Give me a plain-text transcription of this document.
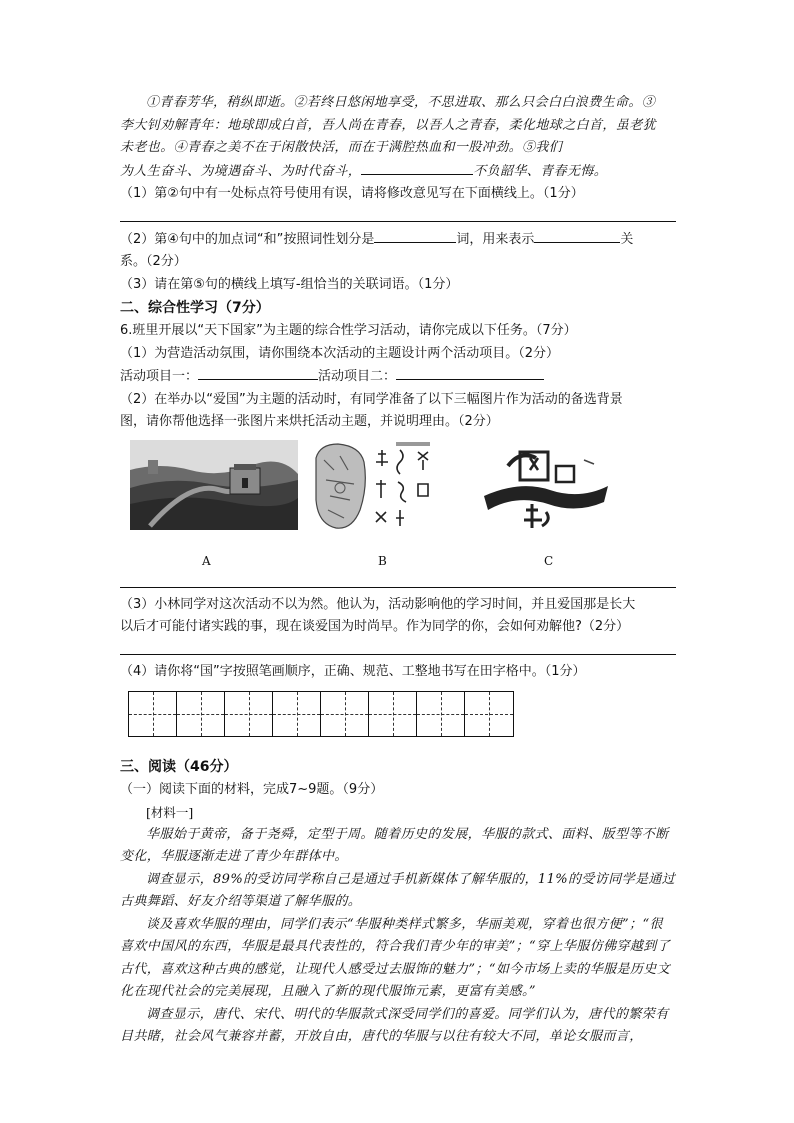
①青春芳华，稍纵即逝。②若终日悠闲地享受，不思进取、那么只会白白浪费生命。③

李大钊劝解青年：地球即成白首，吾人尚在青春，以吾人之青春，柔化地球之白首，虽老犹

未老也。④青春之美不在于闲散快活，而在于满腔热血和一股冲劲。⑤我们

为人生奋斗、为境遇奋斗、为时代奋斗，	不负韶华、青春无悔。

（1）第②句中有一处标点符号使用有误，请将修改意见写在下面横线上。（1分）

（2）第④句中的加点词“和”按照词性划分是	词，用来表示	关

系。（2分）

（3）请在第⑤句的横线上填写-组恰当的关联词语。（1分）

二、综合性学习（7分）

6.班里开展以“天下国家”为主题的综合性学习活动，请你完成以下任务。（7分）

（1）为营造活动氛围，请你围绕本次活动的主题设计两个活动项目。（2分）

活动项目一：	活动项目二：

（2）在举办以“爱国”为主题的活动时，有同学准备了以下三幅图片作为活动的备选背景

图，请你帮他选择一张图片来烘托活动主题，并说明理由。（2分）

A	B	C

（3）小林同学对这次活动不以为然。他认为，活动影响他的学习时间，并且爱国那是长大

以后才可能付诸实践的事，现在谈爱国为时尚早。作为同学的你，会如何劝解他?（2分）

（4）请你将“国”字按照笔画顺序，正确、规范、工整地书写在田字格中。（1分）

三、阅读（46分）

（一）阅读下面的材料，完成7~9题。（9分）

[材料一]

华服始于黄帝，备于尧舜，定型于周。随着历史的发展，华服的款式、面料、版型等不断变化，华服逐渐走进了青少年群体中。

调查显示，89%的受访同学称自己是通过手机新媒体了解华服的，11%的受访同学是通过古典舞蹈、好友介绍等渠道了解华服的。

谈及喜欢华服的理由，同学们表示“华服种类样式繁多，华丽美观，穿着也很方便”；“很喜欢中国风的东西，华服是最具代表性的，符合我们青少年的审美”；“穿上华服仿佛穿越到了古代，喜欢这种古典的感觉，让现代人感受过去服饰的魅力”；“如今市场上卖的华服是历史文化在现代社会的完美展现，且融入了新的现代服饰元素，更富有美感。”

调查显示，唐代、宋代、明代的华服款式深受同学们的喜爱。同学们认为，唐代的繁荣有目共睹，社会风气兼容并蓄，开放自由，唐代的华服与以往有较大不同，单论女服而言，
